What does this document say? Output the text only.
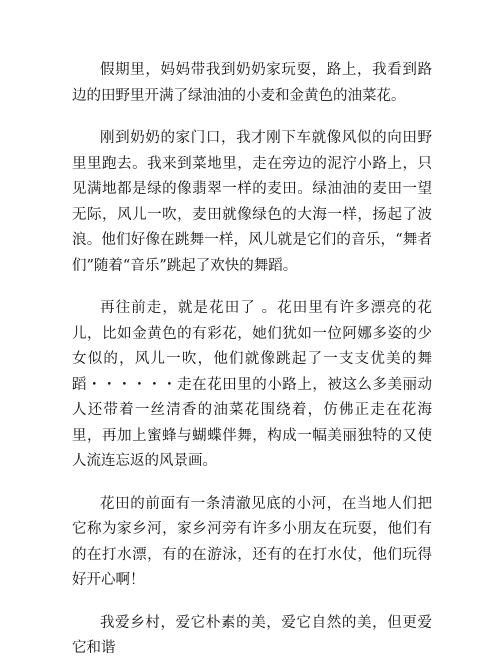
假期里，妈妈带我到奶奶家玩耍，路上，我看到路边的田野里开满了绿油油的小麦和金黄色的油菜花。

刚到奶奶的家门口，我才刚下车就像风似的向田野里里跑去。我来到菜地里，走在旁边的泥泞小路上，只见满地都是绿的像翡翠一样的麦田。绿油油的麦田一望无际，风儿一吹，麦田就像绿色的大海一样，扬起了波浪。他们好像在跳舞一样，风儿就是它们的音乐，“舞者们”随着“音乐”跳起了欢快的舞蹈。

再往前走，就是花田了 。花田里有许多漂亮的花儿，比如金黄色的有彩花，她们犹如一位阿娜多姿的少女似的，风儿一吹，他们就像跳起了一支支优美的舞蹈・・・・・・走在花田里的小路上，被这么多美丽动人还带着一丝清香的油菜花围绕着，仿佛正走在花海里，再加上蜜蜂与蝴蝶伴舞，构成一幅美丽独特的又使人流连忘返的风景画。

花田的前面有一条清澈见底的小河，在当地人们把它称为家乡河，家乡河旁有许多小朋友在玩耍，他们有的在打水漂，有的在游泳，还有的在打水仗，他们玩得好开心啊！

我爱乡村，爱它朴素的美，爱它自然的美，但更爱它和谐
